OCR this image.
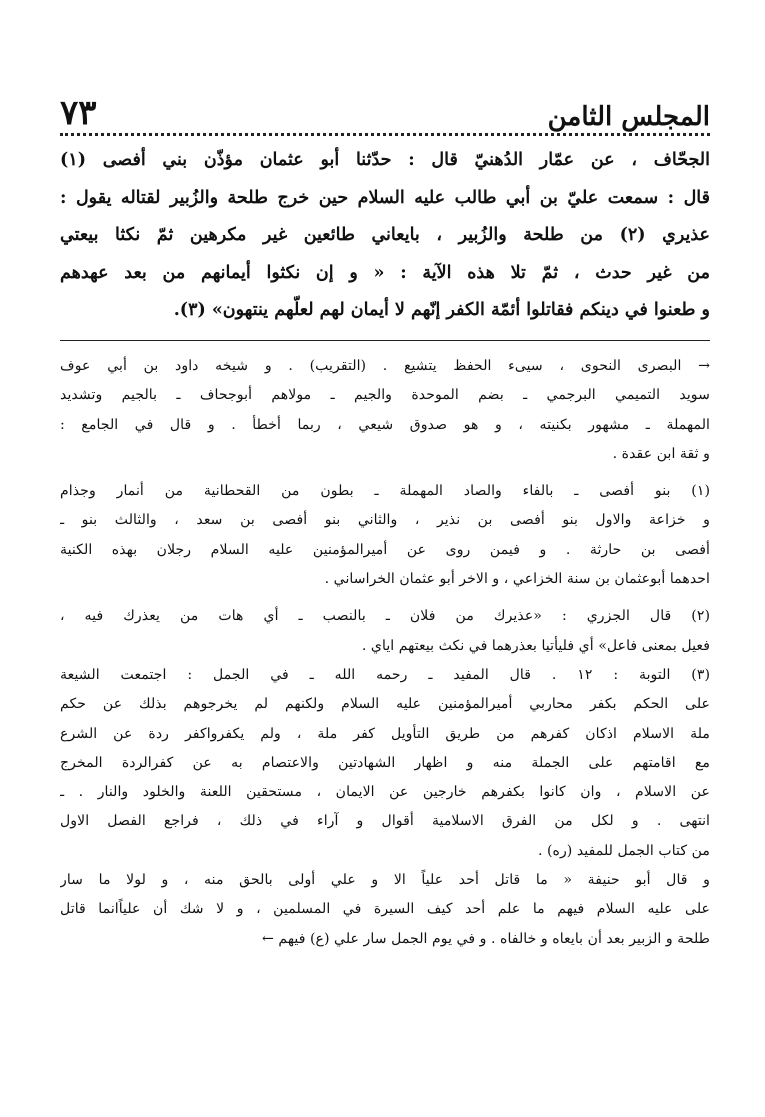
٧٣	المجلس الثامن
الجحّاف ، عن عمّار الدُهنيّ قال : حدّثنا أبو عثمان مؤذّن بني أفصى (١)
قال : سمعت عليّ بن أبي طالب عليه السلام حين خرج طلحة والزُبير لقتاله يقول :
عذيري (٢) من طلحة والزُبير ، بايعاني طائعين غير مكرهين ثمّ نكثا بيعتي
من غير حدث ، ثمّ تلا هذه الآية : « و إن نكثوا أيمانهم من بعد عهدهم
و طعنوا في دينكم فقاتلوا أئمّة الكفر إنّهم لا أيمان لهم لعلّهم ينتهون» (٣).
→ البصرى النحوى ، سيىء الحفظ يتشيع . (التقريب) . و شيخه داود بن أبي عوف
سويد التميمي البرجمي ـ بضم الموحدة والجيم ـ مولاهم أبوجحاف ـ بالجيم وتشديد
المهملة ـ مشهور بكنيته ، و هو صدوق شيعي ، ربما أخطأ . و قال في الجامع :
و ثقة ابن عقدة .
(١) بنو أفصى ـ بالفاء والصاد المهملة ـ بطون من القحطانية من أنمار وجذام
و خزاعة والاول بنو أفصى بن نذير ، والثاني بنو أفصى بن سعد ، والثالث بنو ـ
أفصى بن حارثة . و فيمن روى عن أميرالمؤمنين عليه السلام رجلان بهذه الكنية
احدهما أبوعثمان بن سنة الخزاعي ، و الاخر أبو عثمان الخراساني .
(٢) قال الجزري : «عذيرك من فلان ـ بالنصب ـ أي هات من يعذرك فيه ،
فعيل بمعنى فاعل» أي فليأتيا بعذرهما في نكث بيعتهم اياي .
(٣) التوبة : ١٢ . قال المفيد ـ رحمه الله ـ في الجمل : اجتمعت الشيعة
على الحكم بكفر محاربي أميرالمؤمنين عليه السلام ولكنهم لم يخرجوهم بذلك عن حكم
ملة الاسلام اذكان كفرهم من طريق التأويل كفر ملة ، ولم يكفرواكفر ردة عن الشرع
مع اقامتهم على الجملة منه و اظهار الشهادتين والاعتصام به عن كفرالردة المخرج
عن الاسلام ، وان كانوا بكفرهم خارجين عن الايمان ، مستحقين اللعنة والخلود والنار . ـ
انتهى . و لكل من الفرق الاسلامية أقوال و آراء في ذلك ، فراجع الفصل الاول
من كتاب الجمل للمفيد (ره) .
و قال أبو حنيفة « ما قاتل أحد علياً الا و علي أولى بالحق منه ، و لولا ما سار
على عليه السلام فيهم ما علم أحد كيف السيرة في المسلمين ، و لا شك أن علياًانما قاتل
طلحة و الزبير بعد أن بايعاه و خالفاه . و في يوم الجمل سار علي (ع) فيهم ←
